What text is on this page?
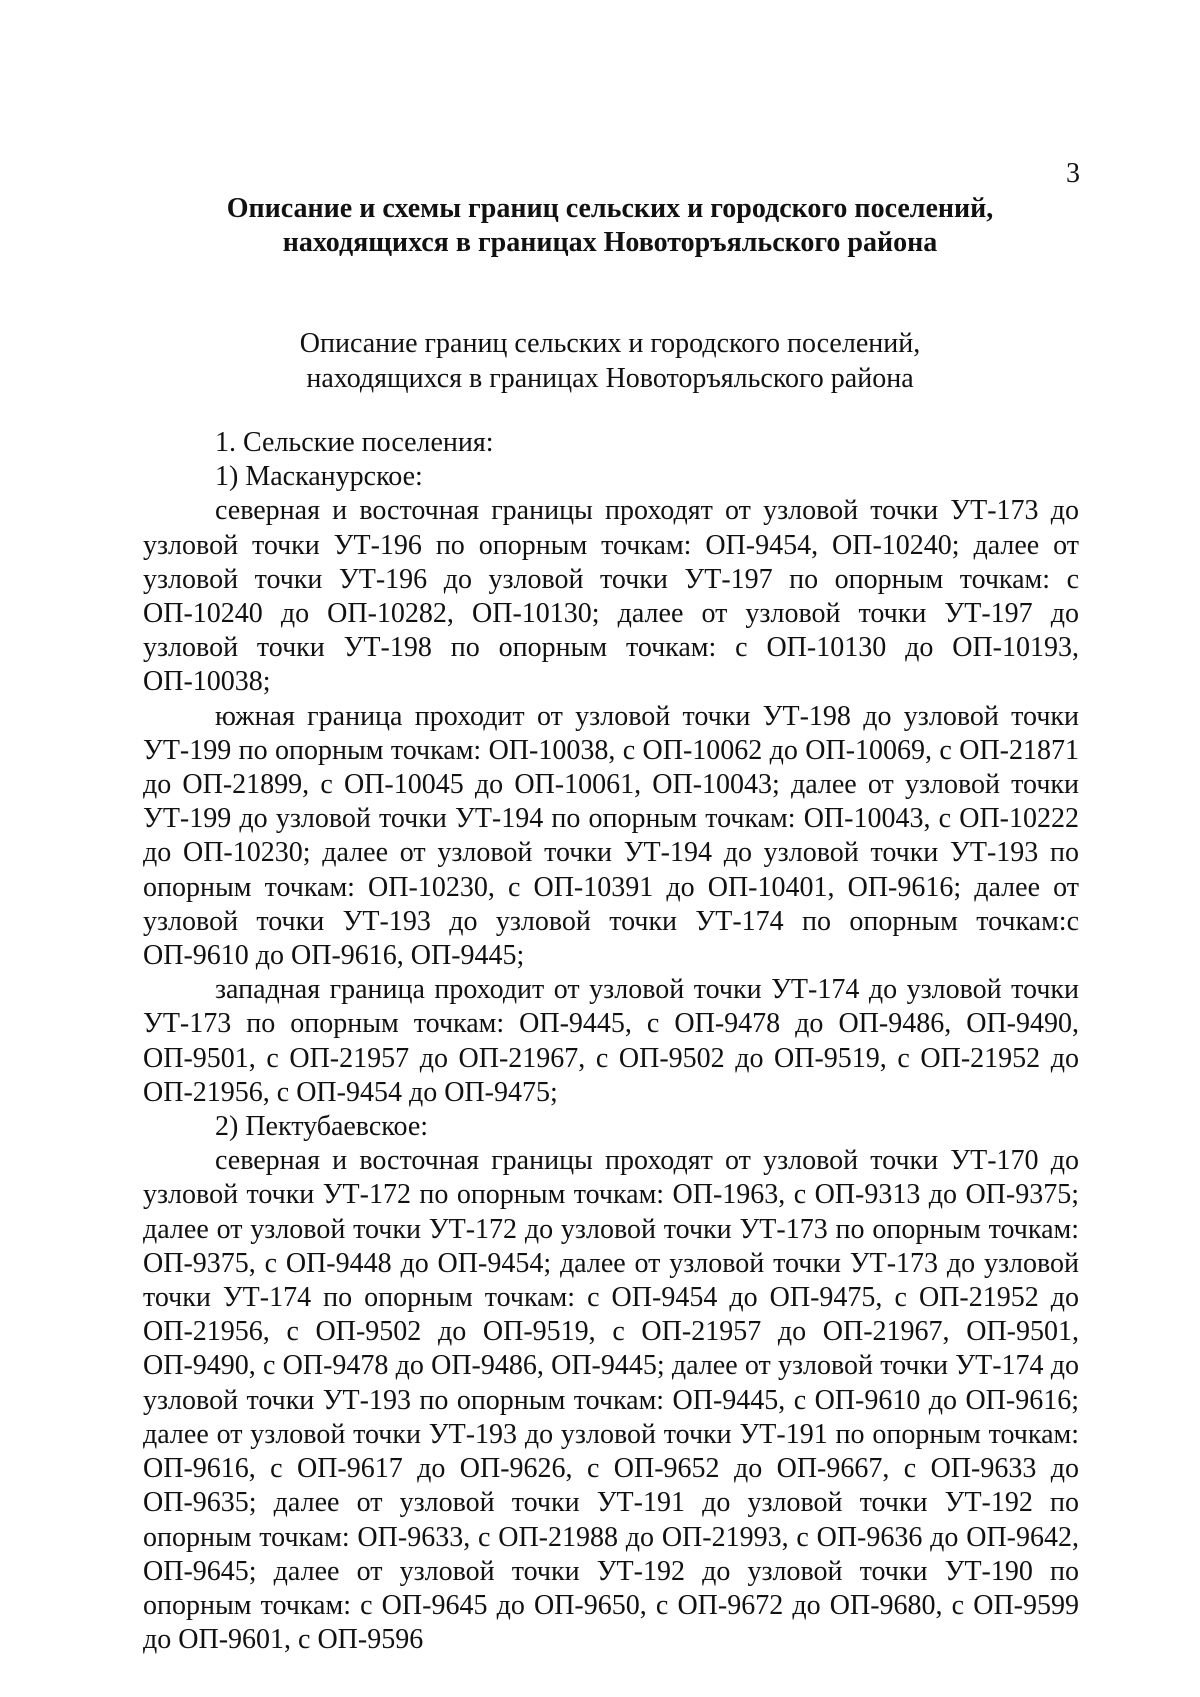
3
Описание и схемы границ сельских и городского поселений,
находящихся в границах Новоторъяльского района
Описание границ сельских и городского поселений,
находящихся в границах Новоторъяльского района

1. Сельские поселения:

1) Масканурское:

северная и восточная границы проходят от узловой точки УТ-173 до узловой точки УТ-196 по опорным точкам: ОП-9454, ОП-10240; далее от узловой точки УТ-196 до узловой точки УТ-197 по опорным точкам: с ОП-10240 до ОП-10282, ОП-10130; далее от узловой точки УТ-197 до узловой точки УТ-198 по опорным точкам: с ОП-10130 до ОП-10193, ОП-10038;

южная граница проходит от узловой точки УТ-198 до узловой точки УТ-199 по опорным точкам: ОП-10038, с ОП-10062 до ОП-10069, с ОП-21871 до ОП-21899, с ОП-10045 до ОП-10061, ОП-10043; далее от узловой точки УТ-199 до узловой точки УТ-194 по опорным точкам: ОП-10043, с ОП-10222 до ОП-10230; далее от узловой точки УТ-194 до узловой точки УТ-193 по опорным точкам: ОП-10230, с ОП-10391 до ОП-10401, ОП-9616; далее от узловой точки УТ-193 до узловой точки УТ-174 по опорным точкам:с ОП-9610 до ОП-9616, ОП-9445;

западная граница проходит от узловой точки УТ-174 до узловой точки УТ-173 по опорным точкам: ОП-9445, с ОП-9478 до ОП-9486, ОП-9490, ОП-9501, с ОП-21957 до ОП-21967, с ОП-9502 до ОП-9519, с ОП-21952 до ОП-21956, с ОП-9454 до ОП-9475;

2) Пектубаевское:

северная и восточная границы проходят от узловой точки УТ-170 до узловой точки УТ-172 по опорным точкам: ОП-1963, с ОП-9313 до ОП-9375; далее от узловой точки УТ-172 до узловой точки УТ-173 по опорным точкам: ОП-9375, с ОП-9448 до ОП-9454; далее от узловой точки УТ-173 до узловой точки УТ-174 по опорным точкам: с ОП-9454 до ОП-9475, с ОП-21952 до ОП-21956, с ОП-9502 до ОП-9519, с ОП-21957 до ОП-21967, ОП-9501, ОП-9490, с ОП-9478 до ОП-9486, ОП-9445; далее от узловой точки УТ-174 до узловой точки УТ-193 по опорным точкам: ОП-9445, с ОП-9610 до ОП-9616; далее от узловой точки УТ-193 до узловой точки УТ-191 по опорным точкам: ОП-9616, с ОП-9617 до ОП-9626, с ОП-9652 до ОП-9667, с ОП-9633 до ОП-9635; далее от узловой точки УТ-191 до узловой точки УТ-192 по опорным точкам: ОП-9633, с ОП-21988 до ОП-21993, с ОП-9636 до ОП-9642, ОП-9645; далее от узловой точки УТ-192 до узловой точки УТ-190 по опорным точкам: с ОП-9645 до ОП-9650, с ОП-9672 до ОП-9680, с ОП-9599 до ОП-9601, с ОП-9596
